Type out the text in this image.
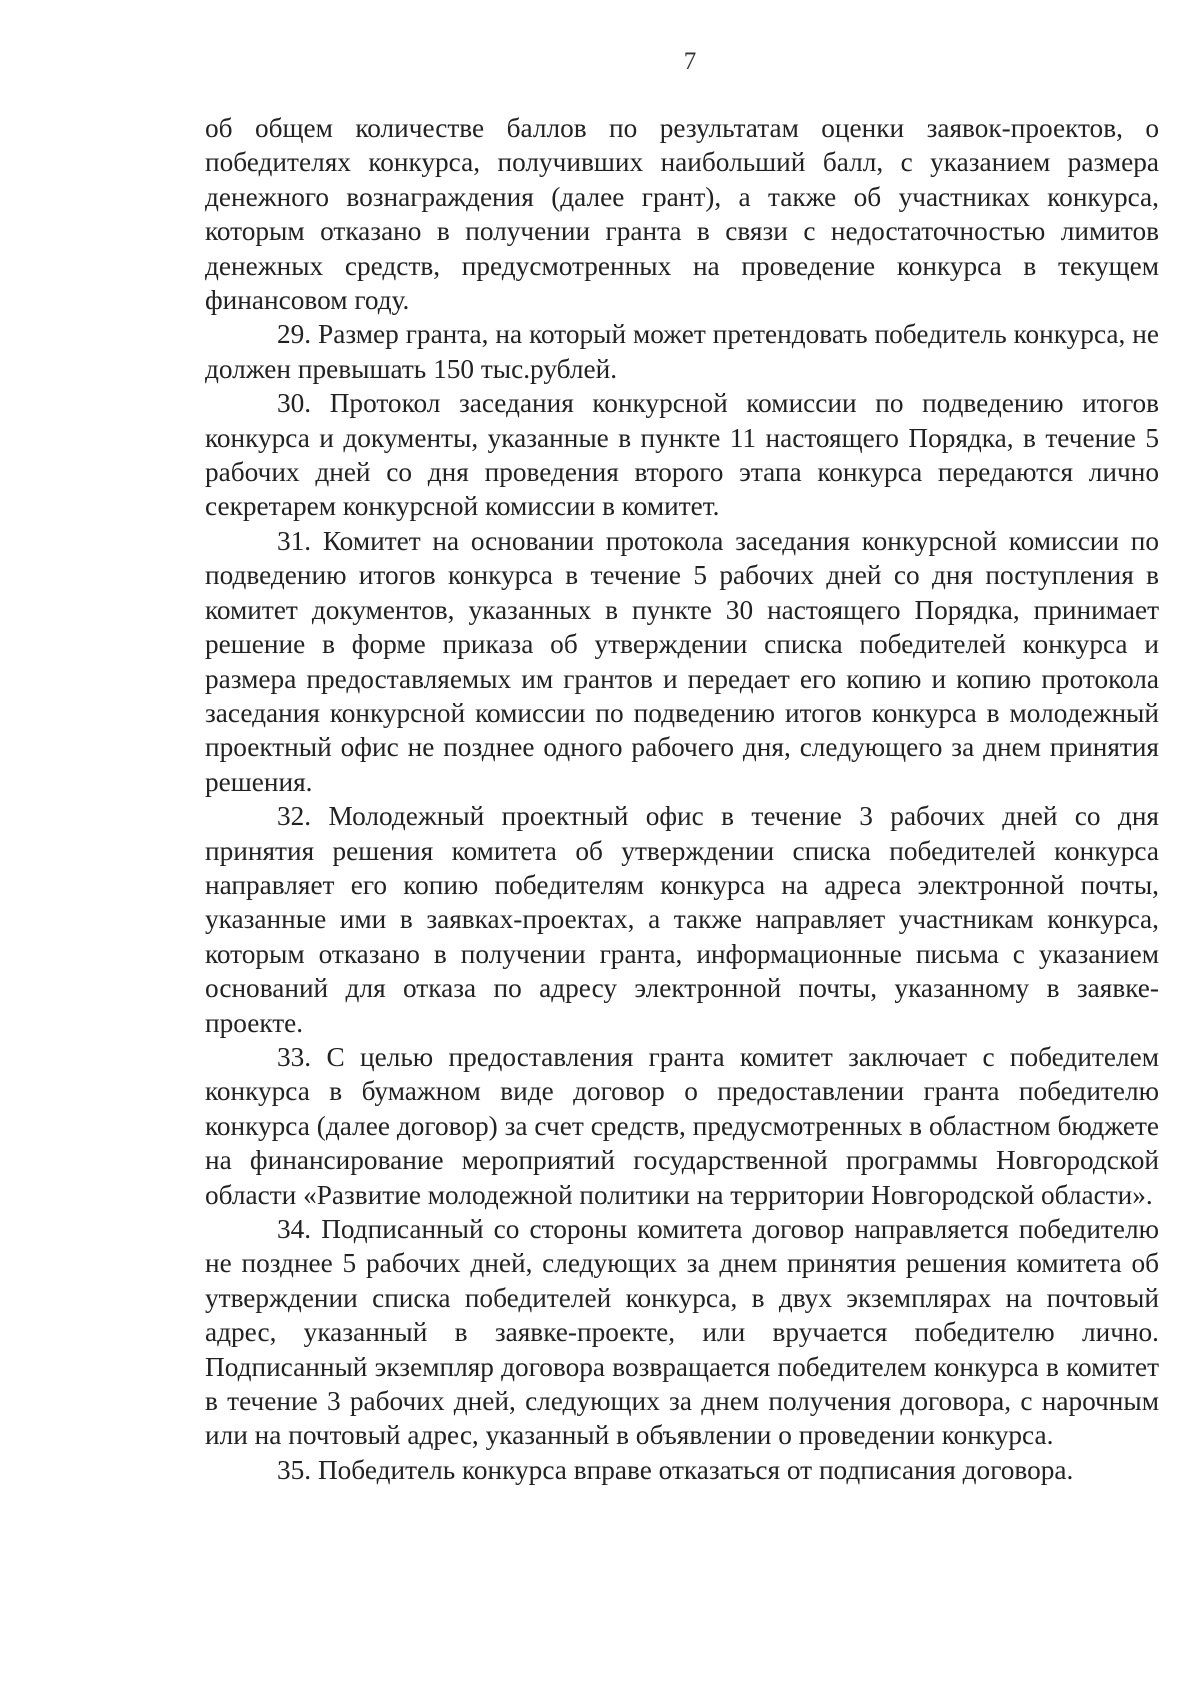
7

об общем количестве баллов по результатам оценки заявок-проектов, о победителях конкурса, получивших наибольший балл, с указанием размера денежного вознаграждения (далее грант), а также об участниках конкурса, которым отказано в получении гранта в связи с недостаточностью лимитов денежных средств, предусмотренных на проведение конкурса в текущем финансовом году.

29. Размер гранта, на который может претендовать победитель конкурса, не должен превышать 150 тыс.рублей.

30. Протокол заседания конкурсной комиссии по подведению итогов конкурса и документы, указанные в пункте 11 настоящего Порядка, в течение 5 рабочих дней со дня проведения второго этапа конкурса передаются лично секретарем конкурсной комиссии в комитет.

31. Комитет на основании протокола заседания конкурсной комиссии по подведению итогов конкурса в течение 5 рабочих дней со дня поступления в комитет документов, указанных в пункте 30 настоящего Порядка, принимает решение в форме приказа об утверждении списка победителей конкурса и размера предоставляемых им грантов и передает его копию и копию протокола заседания конкурсной комиссии по подведению итогов конкурса в молодежный проектный офис не позднее одного рабочего дня, следующего за днем принятия решения.

32. Молодежный проектный офис в течение 3 рабочих дней со дня принятия решения комитета об утверждении списка победителей конкурса направляет его копию победителям конкурса на адреса электронной почты, указанные ими в заявках-проектах, а также направляет участникам конкурса, которым отказано в получении гранта, информационные письма с указанием оснований для отказа по адресу электронной почты, указанному в заявке-проекте.

33. С целью предоставления гранта комитет заключает с победителем конкурса в бумажном виде договор о предоставлении гранта победителю конкурса (далее договор) за счет средств, предусмотренных в областном бюджете на финансирование мероприятий государственной программы Новгородской области «Развитие молодежной политики на территории Новгородской области».

34. Подписанный со стороны комитета договор направляется победителю не позднее 5 рабочих дней, следующих за днем принятия решения комитета об утверждении списка победителей конкурса, в двух экземплярах на почтовый адрес, указанный в заявке-проекте, или вручается победителю лично. Подписанный экземпляр договора возвращается победителем конкурса в комитет в течение 3 рабочих дней, следующих за днем получения договора, с нарочным или на почтовый адрес, указанный в объявлении о проведении конкурса.

35. Победитель конкурса вправе отказаться от подписания договора.
